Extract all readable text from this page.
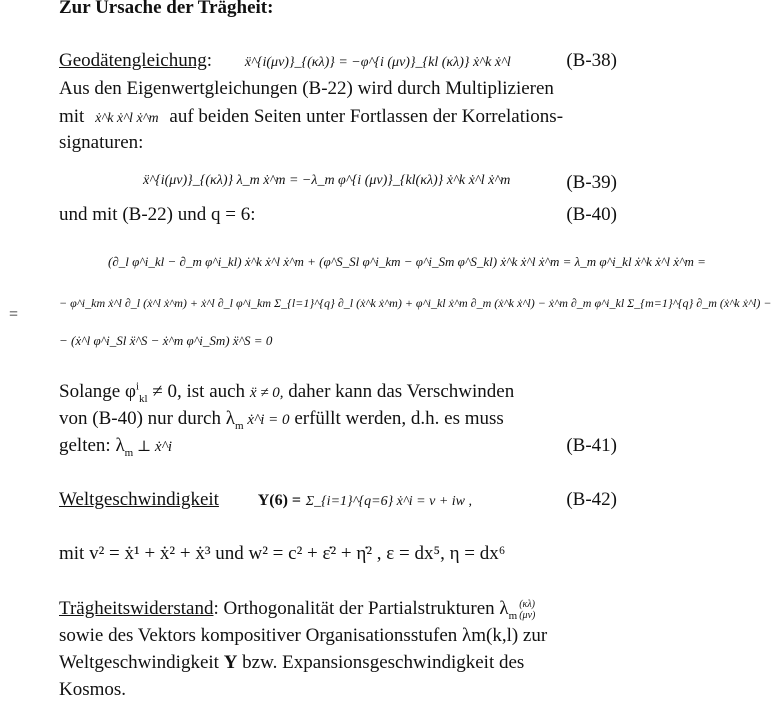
Zur Ursache der Trägheit:
Geodätengleichung: ẍ^{i(μν)}_{(κλ)} = −φ^{i (μν)}_{kl (κλ)} ẋ^k ẋ^l	(B-38)
Aus den Eigenwertgleichungen (B-22) wird durch Multiplizieren
mit ẋ^k ẋ^l ẋ^m auf beiden Seiten unter Fortlassen der Korrelations-
signaturen:
ẍ^{i(μν)}_{(κλ)} λ_m ẋ^m = −λ_m φ^{i (μν)}_{kl(κλ)} ẋ^k ẋ^l ẋ^m	(B-39)
und mit (B-22) und q = 6:	(B-40)
(∂_l φ^i_kl − ∂_m φ^i_kl) ẋ^k ẋ^l ẋ^m + (φ^S_Sl φ^i_km − φ^i_Sm φ^S_kl) ẋ^k ẋ^l ẋ^m = λ_m φ^i_kl ẋ^k ẋ^l ẋ^m =
=
− φ^i_km ẋ^l ∂_l (ẋ^l ẋ^m) + ẋ^l ∂_l φ^i_km Σ_{l=1}^{q} ∂_l (ẋ^k ẋ^m) + φ^i_kl ẋ^m ∂_m (ẋ^k ẋ^l) − ẋ^m ∂_m φ^i_kl Σ_{m=1}^{q} ∂_m (ẋ^k ẋ^l) −
− (ẋ^l φ^i_Sl ẍ^S − ẋ^m φ^i_Sm) ẍ^S = 0
Solange $\varphi^i_{kl} \ne 0$, ist auch ẍ ≠ 0, daher kann das Verschwinden
von (B-40) nur durch $\lambda_m$ ẋ^i = 0 erfüllt werden, d.h. es muss
gelten: $\lambda_m$ ⊥ ẋ^i	(B-41)
Weltgeschwindigkeit Y(6) = Σ_{i=1}^{q=6} ẋ^i = v + iw ,	(B-42)
mit v² = ẋ¹ + ẋ² + ẋ³ und w² = c² + ε̇² + η̇² , ε = dx⁵, η = dx⁶
Trägheitswiderstand: Orthogonalität der Partialstrukturen $\lambda_m(\kappa\lambda)$
(μν)
sowie des Vektors kompositiver Organisationsstufen λm(k,l) zur
Weltgeschwindigkeit Y bzw. Expansionsgeschwindigkeit des
Kosmos.
